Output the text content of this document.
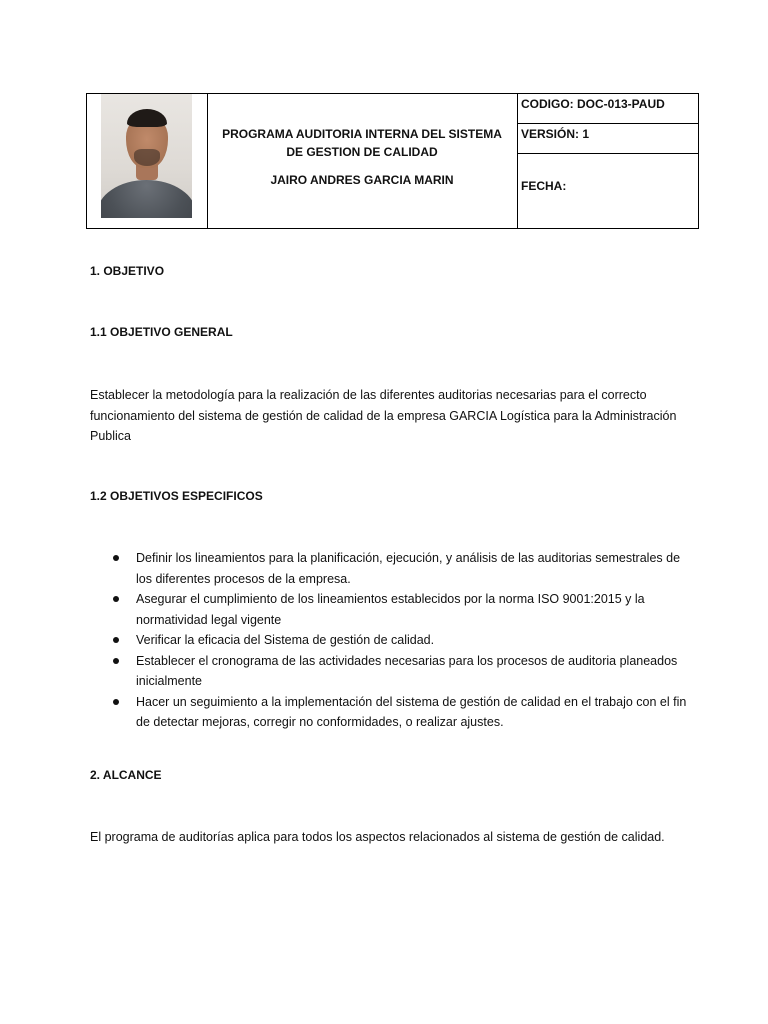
PROGRAMA AUDITORIA INTERNA DEL SISTEMA DE GESTION DE CALIDAD
JAIRO ANDRES GARCIA MARIN
CODIGO: DOC-013-PAUD
VERSIÓN: 1
FECHA:
1. OBJETIVO
1.1 OBJETIVO GENERAL
Establecer la metodología para la realización de las diferentes auditorias necesarias para el correcto funcionamiento del sistema de gestión de calidad de la empresa GARCIA Logística para la Administración Publica
1.2 OBJETIVOS ESPECIFICOS
Definir los lineamientos para la planificación, ejecución, y análisis de las auditorias semestrales de los diferentes procesos de la empresa.
Asegurar el cumplimiento de los lineamientos establecidos por la norma ISO 9001:2015 y la normatividad legal vigente
Verificar la eficacia del Sistema de gestión de calidad.
Establecer el cronograma de las actividades necesarias para los procesos de auditoria planeados inicialmente
Hacer un seguimiento a la implementación del sistema de gestión de calidad en el trabajo con el fin de detectar mejoras, corregir no conformidades, o realizar ajustes.
2. ALCANCE
El programa de auditorías aplica para todos los aspectos relacionados al sistema de gestión de calidad.
